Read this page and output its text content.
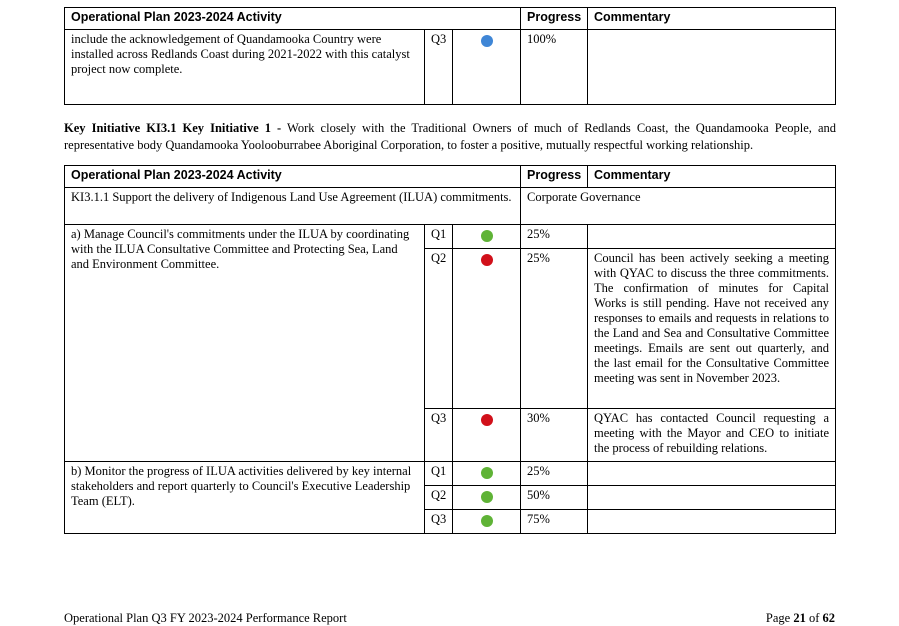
Operational Plan 2023-2024 Activity			Progress	Commentary
include the acknowledgement of Quandamooka Country were installed across Redlands Coast during 2021-2022 with this catalyst project now complete.	Q3		100%	
Key Initiative KI3.1 Key Initiative 1 - Work closely with the Traditional Owners of much of Redlands Coast, the Quandamooka People, and representative body Quandamooka Yoolooburrabee Aboriginal Corporation, to foster a positive, mutually respectful working relationship.
Operational Plan 2023-2024 Activity			Progress	Commentary
KI3.1.1 Support the delivery of Indigenous Land Use Agreement (ILUA) commitments.			Corporate Governance	
a) Manage Council's commitments under the ILUA by coordinating with the ILUA Consultative Committee and Protecting Sea, Land and Environment Committee.	Q1		25%	
	Q2		25%	Council has been actively seeking a meeting with QYAC to discuss the three commitments. The confirmation of minutes for Capital Works is still pending. Have not received any responses to emails and requests in relations to the Land and Sea and Consultative Committee meetings. Emails are sent out quarterly, and the last email for the Consultative Committee meeting was sent in November 2023.
	Q3		30%	QYAC has contacted Council requesting a meeting with the Mayor and CEO to initiate the process of rebuilding relations.
b) Monitor the progress of ILUA activities delivered by key internal stakeholders and report quarterly to Council's Executive Leadership Team (ELT).	Q1		25%	
	Q2		50%	
	Q3		75%	
Operational Plan Q3 FY 2023-2024 Performance Report	Page 21 of 62
